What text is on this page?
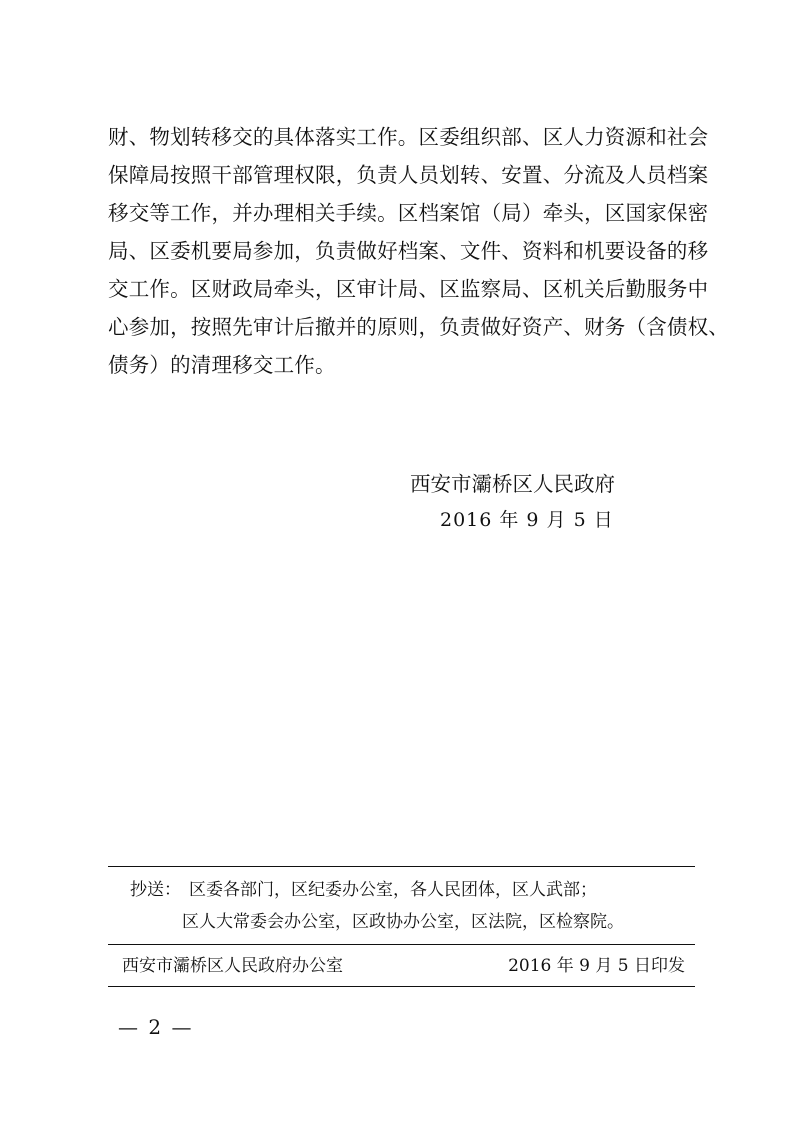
财、物划转移交的具体落实工作。区委组织部、区人力资源和社会
保障局按照干部管理权限，负责人员划转、安置、分流及人员档案
移交等工作，并办理相关手续。区档案馆（局）牵头，区国家保密
局、区委机要局参加，负责做好档案、文件、资料和机要设备的移
交工作。区财政局牵头，区审计局、区监察局、区机关后勤服务中
心参加，按照先审计后撤并的原则，负责做好资产、财务（含债权、
债务）的清理移交工作。
西安市灞桥区人民政府
2016 年 9 月 5 日
抄送： 区委各部门，区纪委办公室，各人民团体，区人武部；
区人大常委会办公室，区政协办公室，区法院，区检察院。
西安市灞桥区人民政府办公室	2016 年 9 月 5 日印发
— 2 —
